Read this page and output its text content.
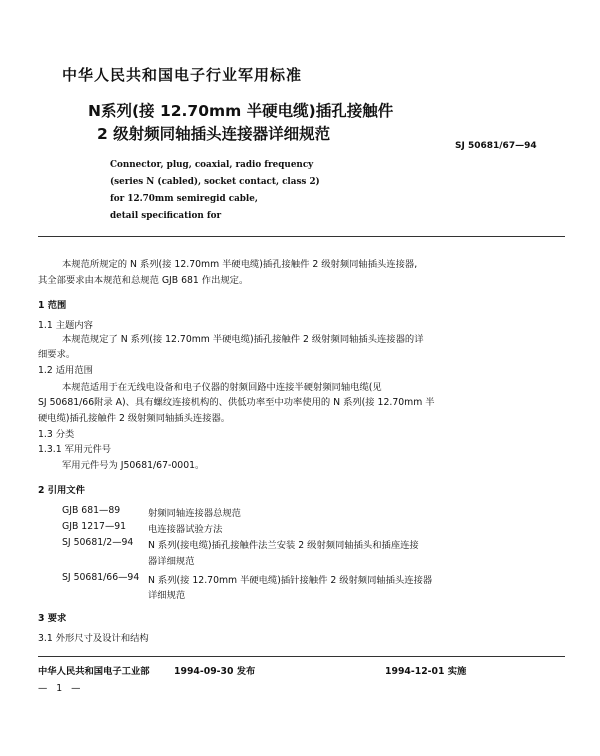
中华人民共和国电子行业军用标准
N系列(接 12.70mm 半硬电缆)插孔接触件
2 级射频同轴插头连接器详细规范
SJ 50681/67—94
Connector, plug, coaxial, radio frequency
(series N (cabled), socket contact, class 2)
for 12.70mm semiregid cable,
detail specification for
本规范所规定的 N 系列(接 12.70mm 半硬电缆)插孔接触件 2 级射频同轴插头连接器,
其全部要求由本规范和总规范 GJB 681 作出规定。
1 范围
1.1 主题内容
本规范规定了 N 系列(接 12.70mm 半硬电缆)插孔接触件 2 级射频同轴插头连接器的详
细要求。
1.2 适用范围
本规范适用于在无线电设备和电子仪器的射频回路中连接半硬射频同轴电缆(见
SJ 50681/66附录 A)、具有螺纹连接机构的、供低功率至中功率使用的 N 系列(接 12.70mm 半
硬电缆)插孔接触件 2 级射频同轴插头连接器。
1.3 分类
1.3.1 军用元件号
军用元件号为 J50681/67-0001。
2 引用文件
GJB 681—89	射频同轴连接器总规范
GJB 1217—91 电连接器试验方法
SJ 50681/2—94 N 系列(接电缆)插孔接触件法兰安装 2 级射频同轴插头和插座连接
器详细规范
SJ 50681/66—94 N 系列(接 12.70mm 半硬电缆)插针接触件 2 级射频同轴插头连接器
详细规范
3 要求
3.1 外形尺寸及设计和结构
中华人民共和国电子工业部	1994-09-30 发布	1994-12-01 实施
— 1 —
